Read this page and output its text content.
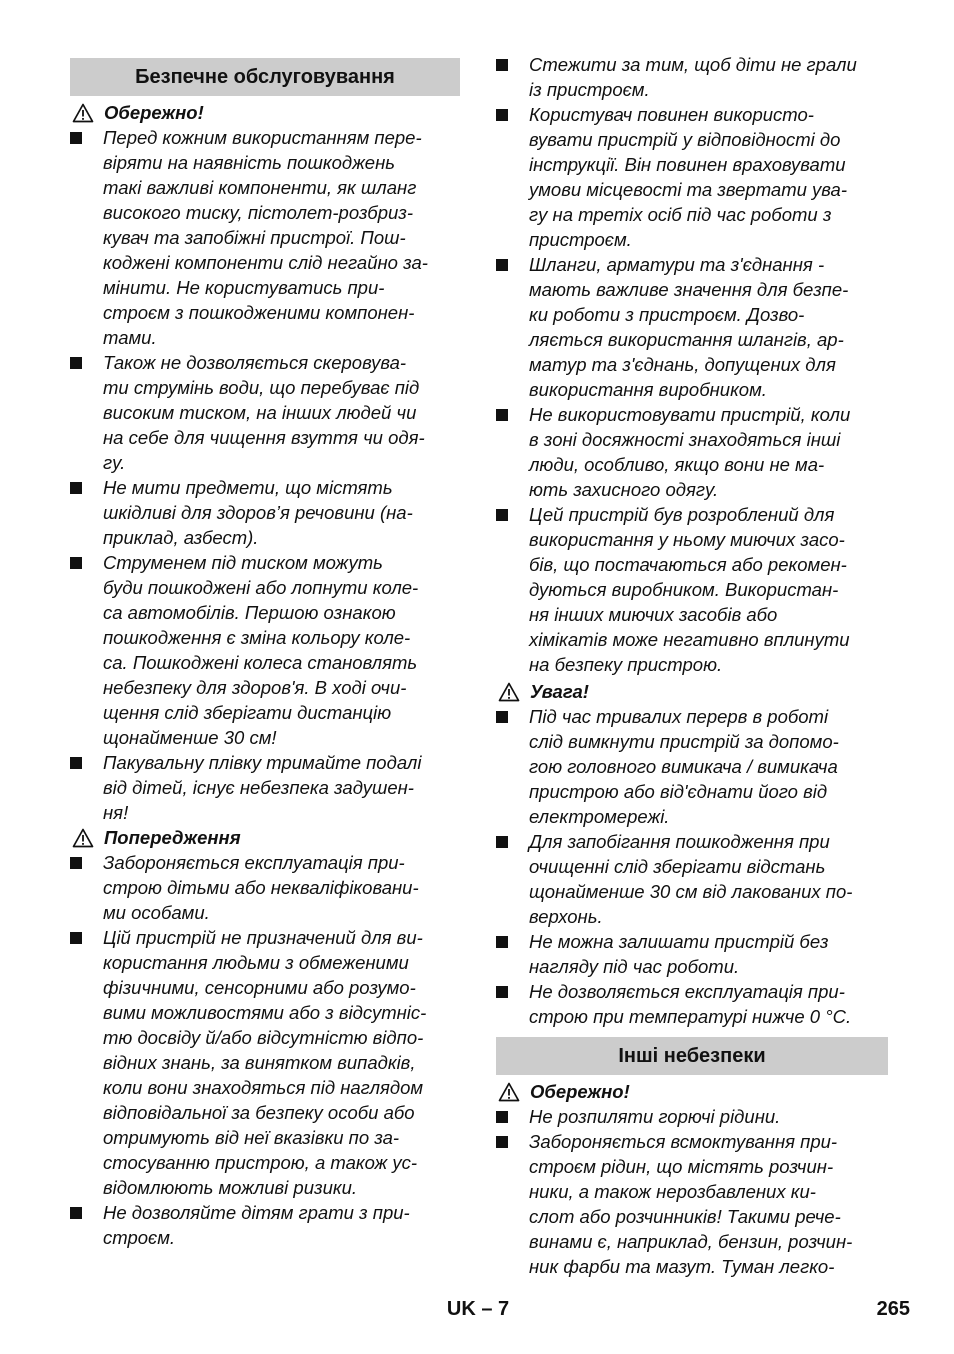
Безпечне обслуговування
Обережно!
Перед кожним використанням пере-
віряти на наявність пошкоджень
такі важливі компоненти, як шланг
високого тиску, пістолет-розбриз-
кувач та запобіжні пристрої. Пош-
коджені компоненти слід негайно за-
мінити. Не користуватись при-
строєм з пошкодженими компонен-
тами.
Також не дозволяється скеровува-
ти струмінь води, що перебуває під
високим тиском, на інших людей чи
на себе для чищення взуття чи одя-
гу.
Не мити предмети, що містять
шкідливі для здоров’я речовини (на-
приклад, азбест).
Струменем під тиском можуть
буди пошкоджені або лопнути коле-
са автомобілів. Першою ознакою
пошкодження є зміна кольору коле-
са. Пошкоджені колеса становлять
небезпеку для здоров'я. В ході очи-
щення слід зберігати дистанцію
щонайменше 30 см!
Пакувальну плівку тримайте подалі
від дітей, існує небезпека задушен-
ня!
Попередження
Забороняється експлуатація при-
строю дітьми або некваліфіковани-
ми особами.
Цій пристрій не призначений для ви-
користання людьми з обмеженими
фізичними, сенсорними або розумо-
вими можливостями або з відсутніс-
тю досвіду й/або відсутністю відпо-
відних знань, за винятком випадків,
коли вони знаходяться під наглядом
відповідальної за безпеку особи або
отримують від неї вказівки по за-
стосуванню пристрою, а також ус-
відомлюють можливі ризики.
Не дозволяйте дітям грати з при-
строєм.
Стежити за тим, щоб діти не грали
із пристроєм.
Користувач повинен використо-
вувати пристрій у відповідності до
інструкції. Він повинен враховувати
умови місцевості та звертати ува-
гу на третіх осіб під час роботи з
пристроєм.
Шланги, арматури та з'єднання -
мають важливе значення для безпе-
ки роботи з пристроєм. Дозво-
ляється використання шлангів, ар-
матур та з'єднань, допущених для
використання виробником.
Не використовувати пристрій, коли
в зоні досяжності знаходяться інші
люди, особливо, якщо вони не ма-
ють захисного одягу.
Цей пристрій був розроблений для
використання у ньому миючих засо-
бів, що постачаються або рекомен-
дуються виробником. Використан-
ня інших миючих засобів або
хімікатів може негативно вплинути
на безпеку пристрою.
Увага!
Під час тривалих перерв в роботі
слід вимкнути пристрій за допомо-
гою головного вимикача / вимикача
пристрою або від'єднати його від
електромережі.
Для запобігання пошкодження при
очищенні слід зберігати відстань
щонайменше 30 см від лакованих по-
верхонь.
Не можна залишати пристрій без
нагляду під час роботи.
Не дозволяється експлуатація при-
строю при температурі нижче 0 °C.
Інші небезпеки
Обережно!
Не розпиляти горючі рідини.
Забороняється всмоктування при-
строєм рідин, що містять розчин-
ники, а також нерозбавлених ки-
слот або розчинників! Такими рече-
винами є, наприклад, бензин, розчин-
ник фарби та мазут. Туман легко-
UK – 7	265
